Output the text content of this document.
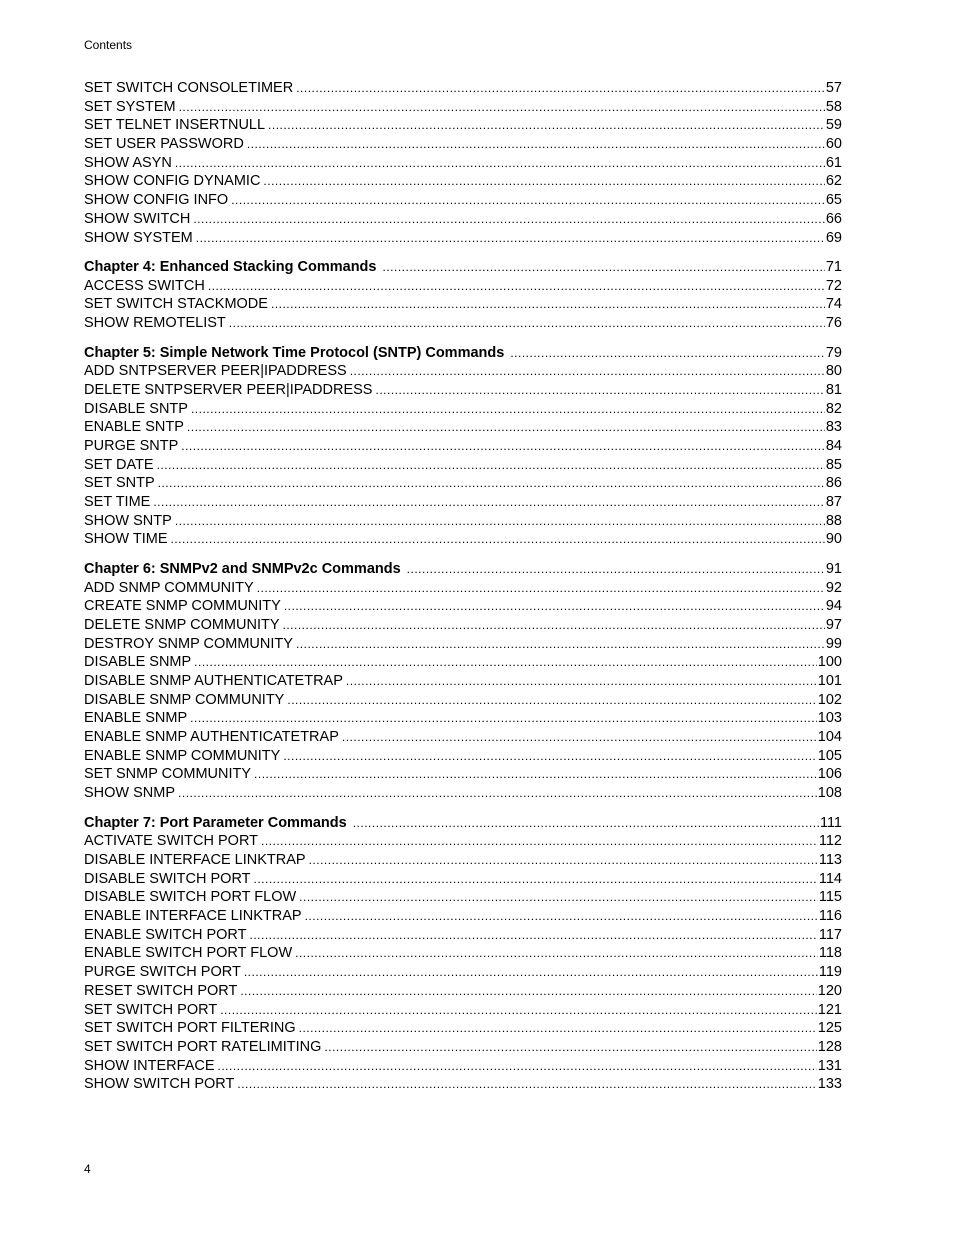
Contents
SET SWITCH CONSOLETIMER .....	57
SET SYSTEM .....	58
SET TELNET INSERTNULL .....	59
SET USER PASSWORD .....	60
SHOW ASYN .....	61
SHOW CONFIG DYNAMIC .....	62
SHOW CONFIG INFO .....	65
SHOW SWITCH .....	66
SHOW SYSTEM .....	69
Chapter 4: Enhanced Stacking Commands .....	71
ACCESS SWITCH .....	72
SET SWITCH STACKMODE .....	74
SHOW REMOTELIST .....	76
Chapter 5: Simple Network Time Protocol (SNTP) Commands .....	79
ADD SNTPSERVER PEER|IPADDRESS .....	80
DELETE SNTPSERVER PEER|IPADDRESS .....	81
DISABLE SNTP .....	82
ENABLE SNTP .....	83
PURGE SNTP .....	84
SET DATE .....	85
SET SNTP .....	86
SET TIME .....	87
SHOW SNTP .....	88
SHOW TIME .....	90
Chapter 6: SNMPv2 and SNMPv2c Commands .....	91
ADD SNMP COMMUNITY .....	92
CREATE SNMP COMMUNITY .....	94
DELETE SNMP COMMUNITY .....	97
DESTROY SNMP COMMUNITY .....	99
DISABLE SNMP .....	100
DISABLE SNMP AUTHENTICATETRAP .....	101
DISABLE SNMP COMMUNITY .....	102
ENABLE SNMP .....	103
ENABLE SNMP AUTHENTICATETRAP .....	104
ENABLE SNMP COMMUNITY .....	105
SET SNMP COMMUNITY .....	106
SHOW SNMP .....	108
Chapter 7: Port Parameter Commands .....	111
ACTIVATE SWITCH PORT .....	112
DISABLE INTERFACE LINKTRAP .....	113
DISABLE SWITCH PORT .....	114
DISABLE SWITCH PORT FLOW .....	115
ENABLE INTERFACE LINKTRAP .....	116
ENABLE SWITCH PORT .....	117
ENABLE SWITCH PORT FLOW .....	118
PURGE SWITCH PORT .....	119
RESET SWITCH PORT .....	120
SET SWITCH PORT .....	121
SET SWITCH PORT FILTERING .....	125
SET SWITCH PORT RATELIMITING .....	128
SHOW INTERFACE .....	131
SHOW SWITCH PORT .....	133
4
